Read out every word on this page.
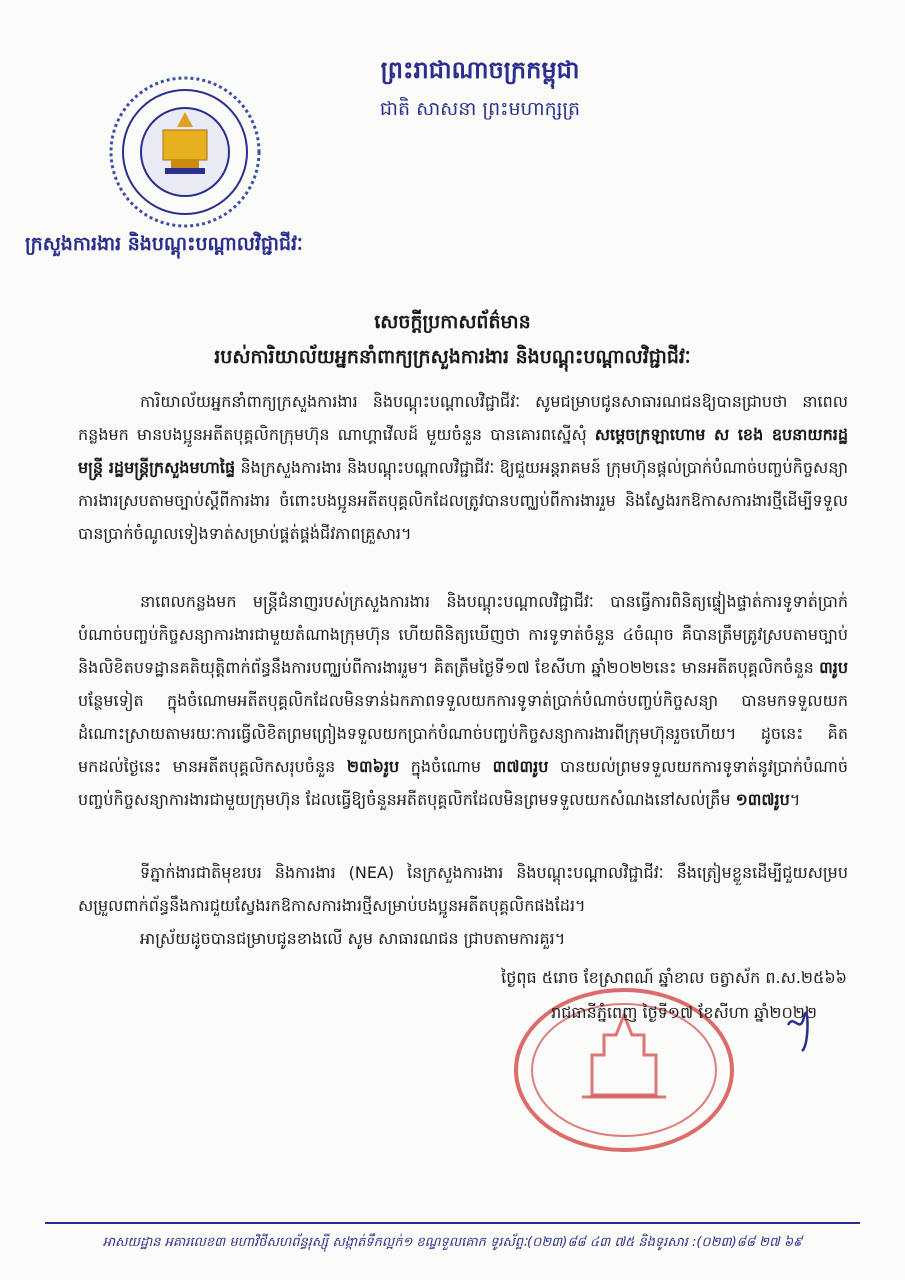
ព្រះរាជាណាចក្រកម្ពុជា
ជាតិ សាសនា ព្រះមហាក្សត្រ
ក្រសួងការងារ និងបណ្តុះបណ្តាលវិជ្ជាជីវៈ
សេចក្តីប្រកាសព័ត៌មាន
របស់ការិយាល័យអ្នកនាំពាក្យក្រសួងការងារ និងបណ្តុះបណ្តាលវិជ្ជាជីវៈ
ការិយាល័យអ្នកនាំពាក្យក្រសួងការងារ និងបណ្តុះបណ្តាលវិជ្ជាជីវៈ សូមជម្រាបជូនសាធារណជនឱ្យបានជ្រាបថា នាពេលកន្លងមក មានបងប្អូនអតីតបុគ្គលិកក្រុមហ៊ុន ណាហ្គាវើលដ៍ មួយចំនួន បានគោរពស្នើសុំ សម្តេចក្រឡាហោម ស ខេង ឧបនាយករដ្ឋមន្ត្រី រដ្ឋមន្ត្រីក្រសួងមហាផ្ទៃ និងក្រសួងការងារ និងបណ្តុះបណ្តាលវិជ្ជាជីវៈ ឱ្យជួយអន្តរាគមន៍ ក្រុមហ៊ុនផ្តល់ប្រាក់បំណាច់បញ្ចប់កិច្ចសន្យាការងារស្របតាមច្បាប់ស្តីពីការងារ ចំពោះបងប្អូនអតីតបុគ្គលិកដែលត្រូវបានបញ្ឈប់ពីការងាររួម និងស្វែងរកឱកាសការងារថ្មីដើម្បីទទួលបានប្រាក់ចំណូលទៀងទាត់សម្រាប់ផ្គត់ផ្គង់ជីវភាពគ្រួសារ។
នាពេលកន្លងមក មន្ត្រីជំនាញរបស់ក្រសួងការងារ និងបណ្តុះបណ្តាលវិជ្ជាជីវៈ បានធ្វើការពិនិត្យផ្ទៀងផ្ទាត់ការទូទាត់ប្រាក់បំណាច់បញ្ចប់កិច្ចសន្យាការងារជាមួយតំណាងក្រុមហ៊ុន ហើយពិនិត្យឃើញថា ការទូទាត់ចំនួន ៤ចំណុច គឺបានត្រឹមត្រូវស្របតាមច្បាប់ និងលិខិតបទដ្ឋានគតិយុត្តិពាក់ព័ន្ធនឹងការបញ្ឈប់ពីការងាររួម។ គិតត្រឹមថ្ងៃទី១៧ ខែសីហា ឆ្នាំ២០២២នេះ មានអតីតបុគ្គលិកចំនួន ៣រូប បន្ថែមទៀត ក្នុងចំណោមអតីតបុគ្គលិកដែលមិនទាន់ឯកភាពទទួលយកការទូទាត់ប្រាក់បំណាច់បញ្ចប់កិច្ចសន្យា បានមកទទួលយកដំណោះស្រាយតាមរយៈការធ្វើលិខិតព្រមព្រៀងទទួលយកប្រាក់បំណាច់បញ្ចប់កិច្ចសន្យាការងារពីក្រុមហ៊ុនរួចហើយ។ ដូចនេះ គិតមកដល់ថ្ងៃនេះ មានអតីតបុគ្គលិកសរុបចំនួន ២៣៦រូប ក្នុងចំណោម ៣៧៣រូប បានយល់ព្រមទទួលយកការទូទាត់នូវប្រាក់បំណាច់បញ្ចប់កិច្ចសន្យាការងារជាមួយក្រុមហ៊ុន ដែលធ្វើឱ្យចំនួនអតីតបុគ្គលិកដែលមិនព្រមទទួលយកសំណងនៅសល់ត្រឹម ១៣៧រូប។
ទីភ្នាក់ងារជាតិមុខរបរ និងការងារ (NEA) នៃក្រសួងការងារ និងបណ្តុះបណ្តាលវិជ្ជាជីវៈ នឹងត្រៀមខ្លួនដើម្បីជួយសម្របសម្រួលពាក់ព័ន្ធនឹងការជួយស្វែងរកឱកាសការងារថ្មីសម្រាប់បងប្អូនអតីតបុគ្គលិកផងដែរ។
អាស្រ័យដូចបានជម្រាបជូនខាងលើ សូម សាធារណជន ជ្រាបតាមការគួរ។
ថ្ងៃពុធ ៥រោច ខែស្រាពណ៍ ឆ្នាំខាល ចត្វាស័ក ព.ស.២៥៦៦
រាជធានីភ្នំពេញ ថ្ងៃទី១៧ ខែសីហា ឆ្នាំ២០២២
អាសយដ្ឋាន អគារលេខ៣ មហាវិថីសហព័ន្ធរុស្ស៊ី សង្កាត់ទឹកល្អក់១ ខណ្ឌទួលគោក ទូរស័ព្ទៈ(០២៣)៨៨ ៤៣ ៧៥ និងទូរសារ :(០២៣)៨៨ ២៧ ៦៩
